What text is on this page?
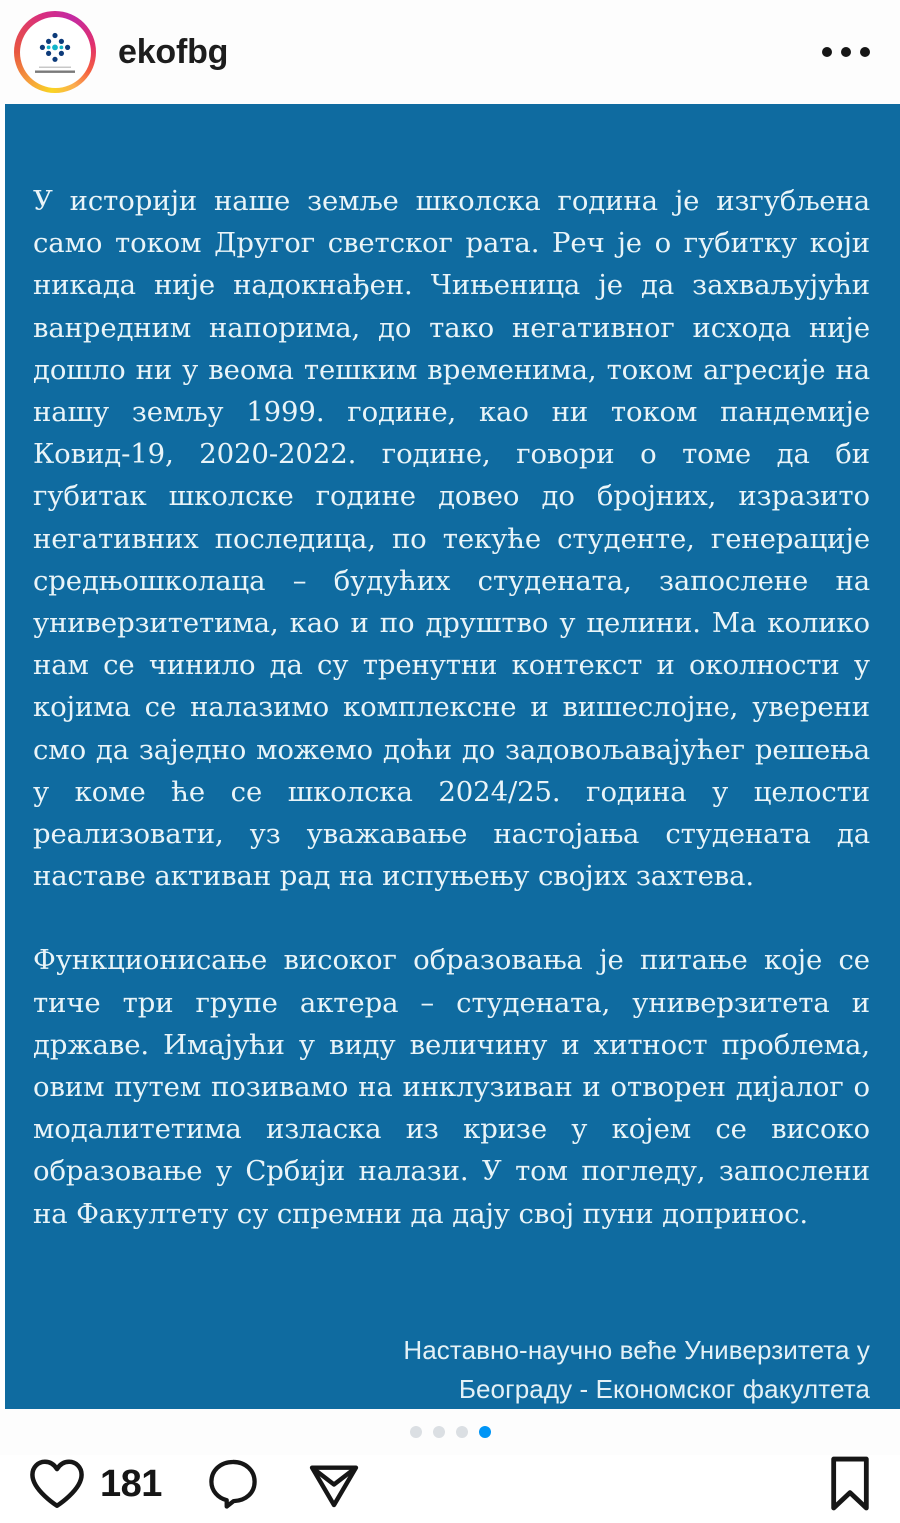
ekofbg

У историји наше земље школска година је изгубљена само током Другог светског рата. Реч је о губитку који никада није надокнађен. Чињеница је да захваљујући ванредним напорима, до тако негативног исхода није дошло ни у веома тешким временима, током агресије на нашу земљу 1999. године, као ни током пандемије Ковид-19, 2020-2022. године, говори о томе да би губитак школске године довео до бројних, изразито негативних последица, по текуће студенте, генерације средњошколаца – будућих студената, запослене на универзитетима, као и по друштво у целини. Ма колико нам се чинило да су тренутни контекст и околности у којима се налазимо комплексне и вишеслојне, уверени смо да заједно можемо доћи до задовољавајућег решења у коме ће се школска 2024/25. година у целости реализовати, уз уважавање настојања студената да наставе активан рад на испуњењу својих захтева.

Функционисање високог образовања је питање које се тиче три групе актера – студената, универзитета и државе. Имајући у виду величину и хитност проблема, овим путем позивамо на инклузиван и отворен дијалог о модалитетима изласка из кризе у којем се високо образовање у Србији налази. У том погледу, запослени на Факултету су спремни да дају свој пуни допринос.

Наставно-научно веће Универзитета у
Београду - Економског факултета
181
